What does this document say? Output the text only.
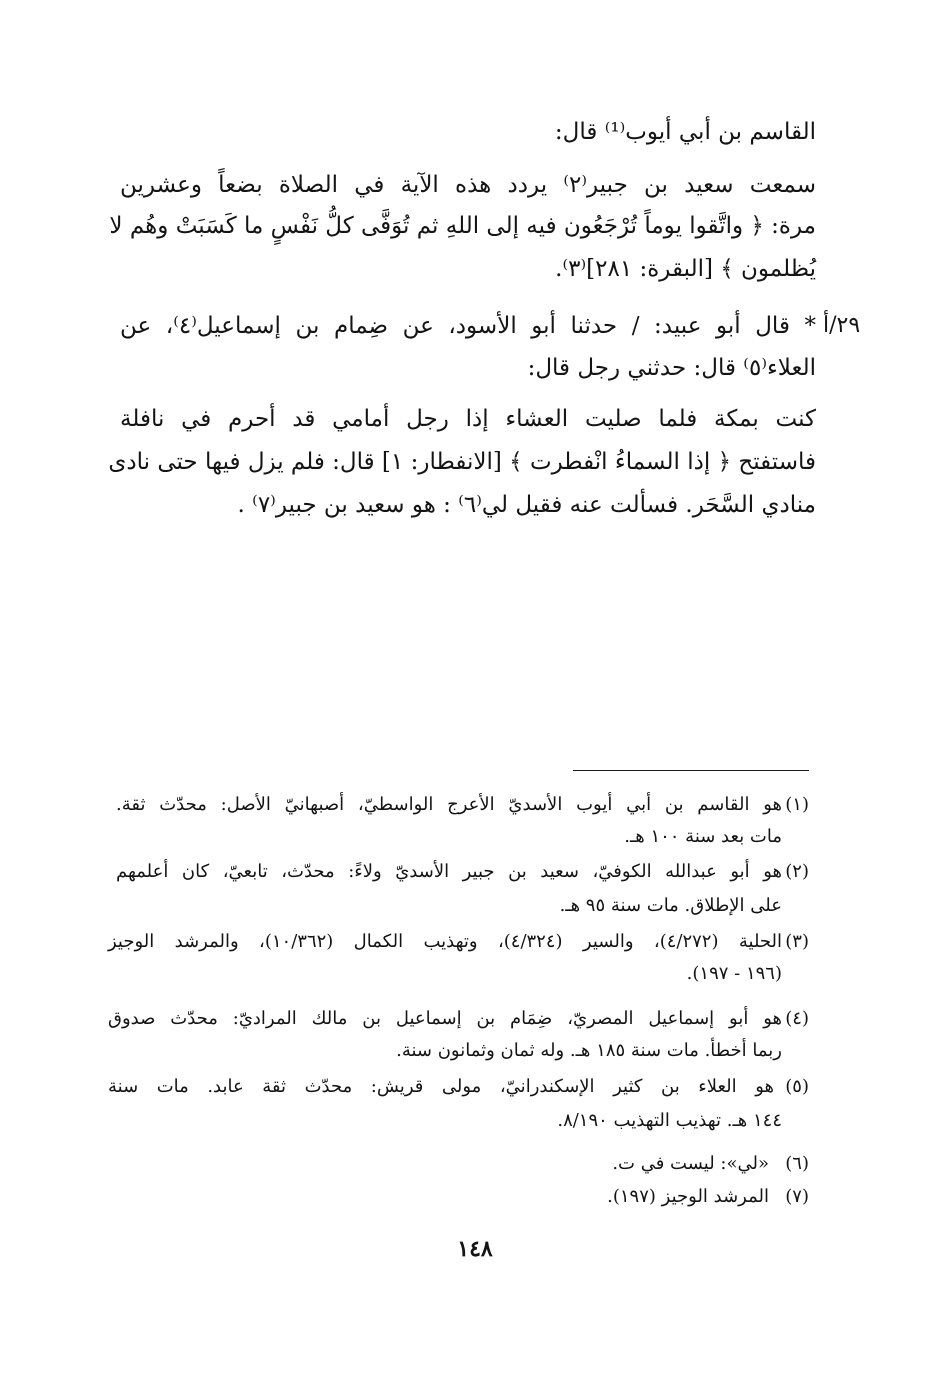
القاسم بن أبي أيوب⁽¹⁾ قال:
سمعت سعيد بن جبير⁽٢⁾ يردد هذه الآية في الصلاة بضعاً وعشرين
مرة: ﴿ واتَّقوا يوماً تُرْجَعُون فيه إلى اللهِ ثم تُوَفَّى كلُّ نَفْسٍ ما كَسَبَتْ وهُم لا
يُظلمون ﴾ [البقرة: ٢٨١]⁽٣⁾.
٢٩/أ
* قال أبو عبيد: / حدثنا أبو الأسود، عن ضِمام بن إسماعيل⁽٤⁾، عن
العلاء⁽٥⁾ قال: حدثني رجل قال:
كنت بمكة فلما صليت العشاء إذا رجل أمامي قد أحرم في نافلة
فاستفتح ﴿ إذا السماءُ انْفطرت ﴾ [الانفطار: ١] قال: فلم يزل فيها حتى نادى
منادي السَّحَر. فسألت عنه فقيل لي⁽٦⁾ : هو سعيد بن جبير⁽٧⁾ .
(١)
هو القاسم بن أبي أيوب الأسديّ الأعرج الواسطيّ، أصبهانيّ الأصل: محدّث ثقة.
مات بعد سنة ١٠٠ هـ.
(٢)
هو أبو عبدالله الكوفيّ، سعيد بن جبير الأسديّ ولاءً: محدّث، تابعيّ، كان أعلمهم
على الإطلاق. مات سنة ٩٥ هـ.
(٣)
الحلية (٤/٢٧٢)، والسير (٤/٣٢٤)، وتهذيب الكمال (١٠/٣٦٢)، والمرشد الوجيز
(١٩٦ - ١٩٧).
(٤)
هو أبو إسماعيل المصريّ، ضِمَام بن إسماعيل بن مالك المراديّ: محدّث صدوق
ربما أخطأ. مات سنة ١٨٥ هـ. وله ثمان وثمانون سنة.
(٥)
هو العلاء بن كثير الإسكندرانيّ، مولى قريش: محدّث ثقة عابد. مات سنة
١٤٤ هـ. تهذيب التهذيب ٨/١٩٠.
(٦)
«لي»: ليست في ت.
(٧)
المرشد الوجيز (١٩٧).
١٤٨
